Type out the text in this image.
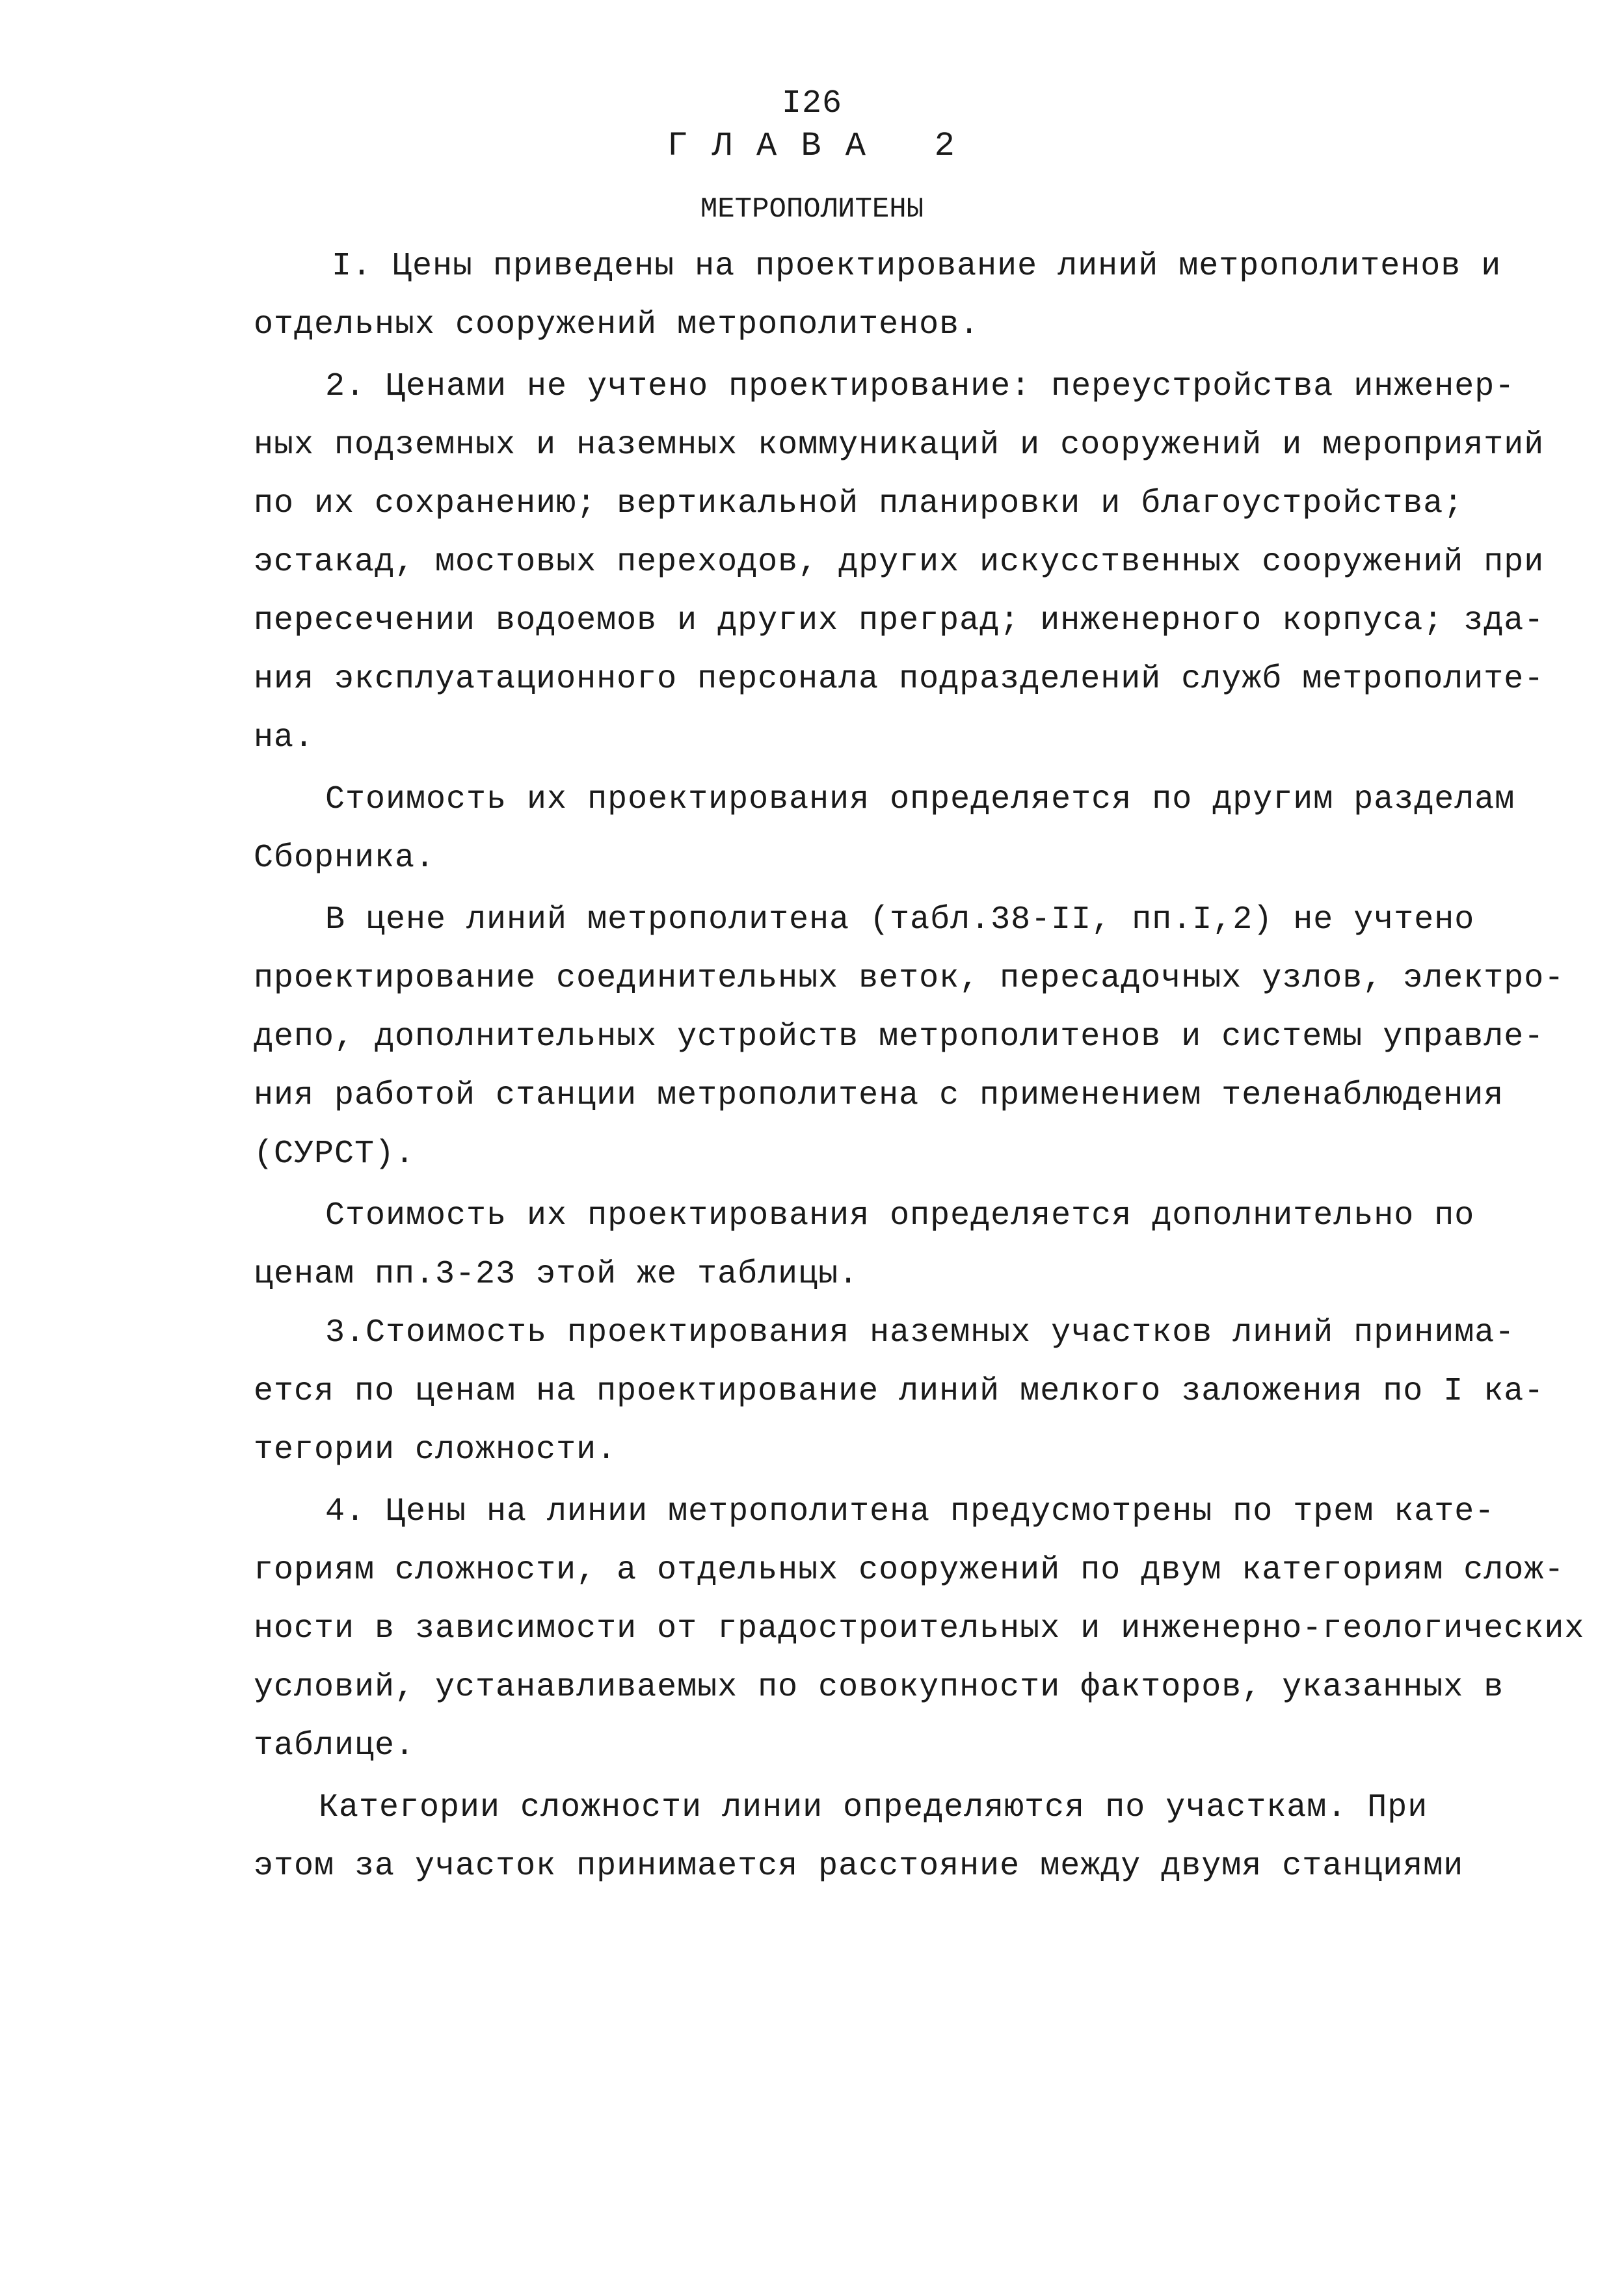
I26
Г Л А В А   2
МЕТРОПОЛИТЕНЫ
I. Цены приведены на проектирование линий метрополитенов и
отдельных сооружений метрополитенов.
2. Ценами не учтено проектирование: переустройства инженер-
ных подземных и наземных коммуникаций и сооружений и мероприятий
по их сохранению; вертикальной планировки и благоустройства;
эстакад, мостовых переходов, других искусственных сооружений при
пересечении водоемов и других преград; инженерного корпуса; зда-
ния эксплуатационного персонала подразделений служб метрополите-
на.
Стоимость их проектирования определяется по другим разделам
Сборника.
В цене линий метрополитена (табл.38-II, пп.I,2) не учтено
проектирование соединительных веток, пересадочных узлов, электро-
депо, дополнительных устройств метрополитенов и системы управле-
ния работой станции метрополитена с применением теленаблюдения
(СУРСТ).
Стоимость их проектирования определяется дополнительно по
ценам пп.3-23 этой же таблицы.
3.Стоимость проектирования наземных участков линий принима-
ется по ценам на проектирование линий мелкого заложения по I ка-
тегории сложности.
4. Цены на линии метрополитена предусмотрены по трем кате-
гориям сложности, а отдельных сооружений по двум категориям слож-
ности в зависимости от градостроительных и инженерно-геологических
условий, устанавливаемых по совокупности факторов, указанных в
таблице.
Категории сложности линии определяются по участкам. При
этом за участок принимается расстояние между двумя станциями
